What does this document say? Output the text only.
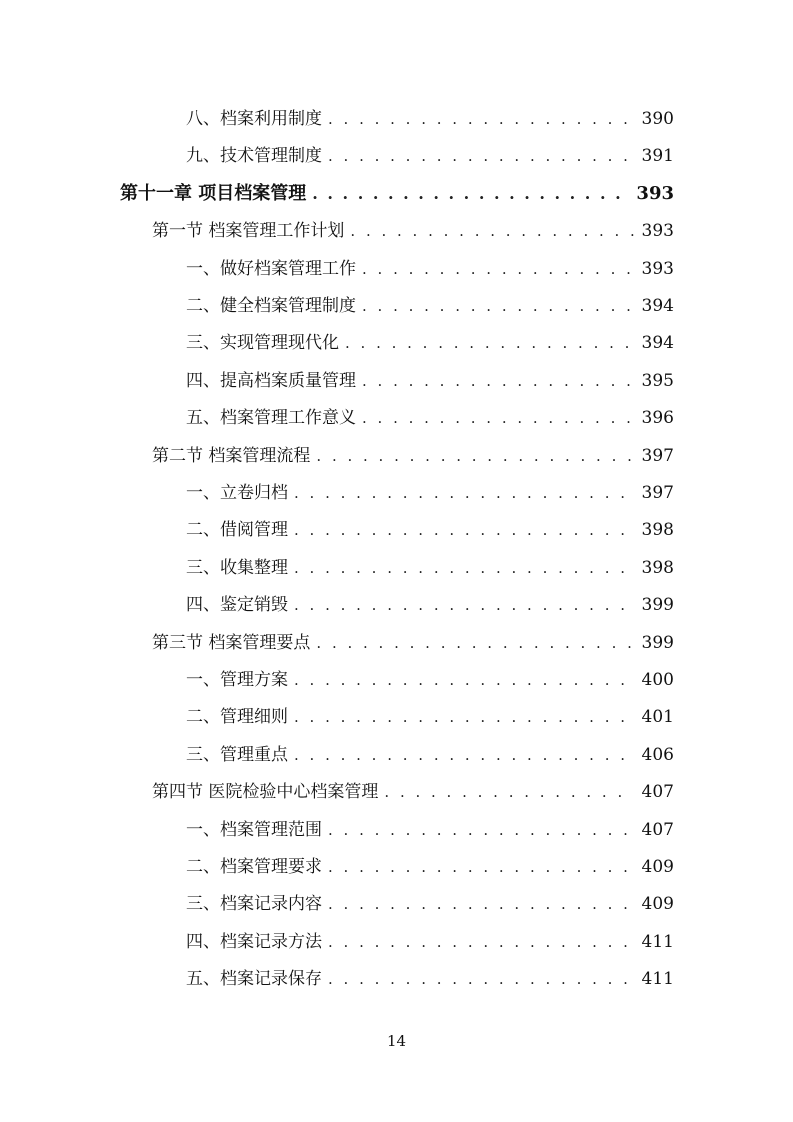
八、档案利用制度 . . .	390
九、技术管理制度 . . .	391
第十一章 项目档案管理 . . .	393
第一节 档案管理工作计划 . . .	393
一、做好档案管理工作 . . .	393
二、健全档案管理制度 . . .	394
三、实现管理现代化 . . .	394
四、提高档案质量管理 . . .	395
五、档案管理工作意义 . . .	396
第二节 档案管理流程 . . .	397
一、立卷归档 . . .	397
二、借阅管理 . . .	398
三、收集整理 . . .	398
四、鉴定销毁 . . .	399
第三节 档案管理要点 . . .	399
一、管理方案 . . .	400
二、管理细则 . . .	401
三、管理重点 . . .	406
第四节 医院检验中心档案管理 . . .	407
一、档案管理范围 . . .	407
二、档案管理要求 . . .	409
三、档案记录内容 . . .	409
四、档案记录方法 . . .	411
五、档案记录保存 . . .	411
14
